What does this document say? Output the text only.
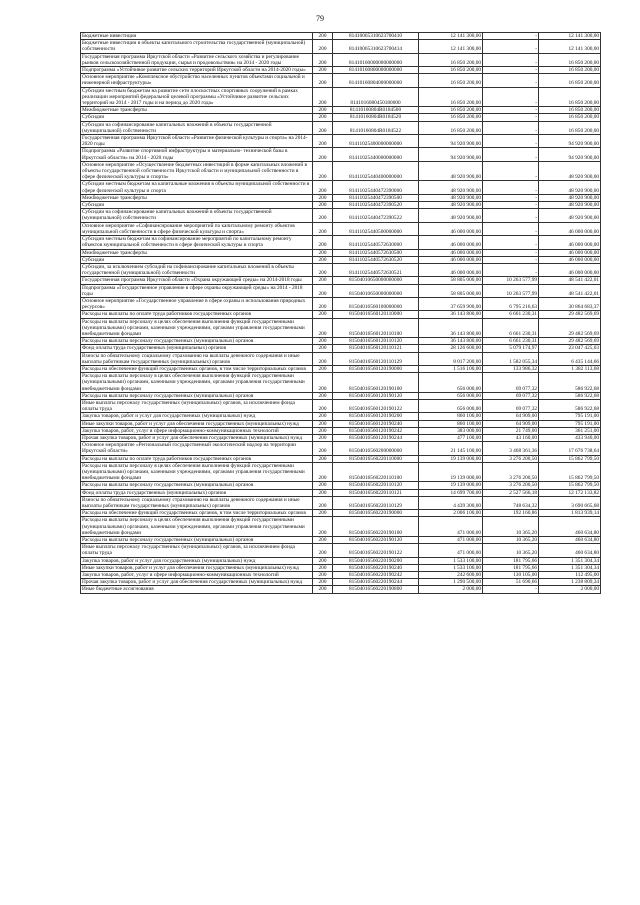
79
Бюджетные инвестиции	200	81410065310623700410	12 141 300,00	-	12 141 300,00
Бюджетные инвестиции в объекты капитального строительства государственной (муниципальной) собственности	200	81410065310623700414	12 141 300,00	-	12 141 300,00
Государственная программа Иркутской области «Развитие сельского хозяйства и регулирование рынков сельскохозяйственной продукции, сырья и продовольствия» на 2014 - 2020 годы	200	81410160000000000000	16 850 200,00	-	16 850 200,00
Подпрограмма «Устойчивое развитие сельских территорий Иркутской области на 2014-2020 годы»	200	81410160800000000000	16 850 200,00	-	16 850 200,00
Основное мероприятие «Комплексное обустройство населенных пунктов объектами социальной и инженерной инфраструктуры»	200	81410160804000000000	16 850 200,00	-	16 850 200,00
Субсидии местным бюджетам на развитие сети плоскостных спортивных сооружений в рамках реализации мероприятий федеральной целевой программы «Устойчивое развитие сельских территорий на 2014 - 2017 годы и на период до 2020 года»	200	8141016080450180000	16 850 200,00	-	16 850 200,00
Межбюджетные трансферты	200	81410160804R0184500	16 850 200,00	-	16 850 200,00
Субсидии	200	81410160804R0184520	16 850 200,00	-	16 850 200,00
Субсидии на софинансирование капитальных вложений в объекты государственной (муниципальной) собственности	200	81410160804R0184522	16 850 200,00	-	16 850 200,00
Государственная программа Иркутской области «Развитие физической культуры и спорта» на 2014-2020 годы	200	81411025400000000000	94 920 900,00	-	94 920 900,00
Подпрограмма «Развитие спортивной инфраструктуры и материально- технической базы в Иркутской области» на 2014 - 2020 годы	200	81411025440000000000	94 920 900,00	-	94 920 900,00
Основное мероприятие «Осуществление бюджетных инвестиций в форме капитальных вложений в объекты государственной собственности Иркутской области и муниципальной собственности в сфере физической культуры и спорта»	200	81411025440400000000	48 920 900,00	-	48 920 900,00
Субсидии местным бюджетам на капитальные вложения в объекты муниципальной собственности в сфере физической культуры и спорта	200	81411025440472390000	48 920 900,00	-	48 920 900,00
Межбюджетные трансферты	200	81411025440472390500	48 920 900,00	-	48 920 900,00
Субсидии	200	81411025440472390520	48 920 900,00	-	48 920 900,00
Субсидии на софинансирование капитальных вложений в объекты государственной (муниципальной) собственности	200	81411025440472390522	48 920 900,00	-	48 920 900,00
Основное мероприятие «Софинансирование мероприятий по капитальному ремонту объектов муниципальной собственности в сфере физической культуры и спорта»	200	81411025440500000000	46 000 000,00	-	46 000 000,00
Субсидии местным бюджетам на софинансирование мероприятий по капитальному ремонту объектов муниципальной собственности в сфере физической культуры и спорта	200	81411025440572630000	46 000 000,00	-	46 000 000,00
Межбюджетные трансферты	200	81411025440572630500	46 000 000,00	-	46 000 000,00
Субсидии	200	81411025440572630520	46 000 000,00	-	46 000 000,00
Субсидии, за исключением субсидий на софинансирование капитальных вложений в объекты государственной (муниципальной) собственности	200	81411025440572630521	46 000 000,00	-	46 000 000,00
Государственная программа Иркутской области «Охрана окружающей среды» на 2014-2018 годы	200	81504010650000000000	58 805 000,00	10 263 577,99	48 541 422,01
Подпрограмма «Государственное управление в сфере охраны окружающей среды» на 2014 - 2018 годы	200	81504010650000000000	58 805 000,00	10 263 577,99	48 541 422,01
Основное мероприятие «Государственное управление в сфере охраны и использования природных ресурсов»	200	81504016560100000000	37 659 900,00	6 795 216,63	30 864 683,37
Расходы на выплаты по оплате труда работников государственных органов	200	81504016560120110000	36 143 800,00	6 661 230,31	29 482 569,69
Расходы на выплаты персоналу в целях обеспечения выполнения функций государственными (муниципальными) органами, казенными учреждениями, органами управления государственными внебюджетными фондами	200	81504016560120110100	36 143 800,00	6 661 230,31	29 482 569,69
Расходы на выплаты персоналу государственных (муниципальных) органов	200	81504016560120110120	36 143 800,00	6 661 230,31	29 482 569,69
Фонд оплаты труда государственных (муниципальных) органов	200	81504016560120110121	28 126 600,00	5 079 174,97	23 047 425,03
Взносы по обязательному социальному страхованию на выплаты денежного содержания и иные выплаты работникам государственных (муниципальных) органов	200	81504016560120110129	8 017 200,00	1 582 055,34	6 435 144,66
Расходы на обеспечение функций государственных органов, в том числе территориальных органов	200	81504016560120190000	1 516 100,00	133 986,32	1 382 113,68
Расходы на выплаты персоналу в целях обеспечения выполнения функций государственными (муниципальными) органами, казенными учреждениями, органами управления государственными внебюджетными фондами	200	81504016560120190100	656 000,00	69 077,32	586 922,68
Расходы на выплаты персоналу государственных (муниципальных) органов	200	81504016560120190120	656 000,00	69 077,32	586 922,68
Иные выплаты персоналу государственных (муниципальных) органов, за исключением фонда оплаты труда	200	81504016560120190122	656 000,00	69 077,32	586 922,68
Закупка товаров, работ и услуг для государственных (муниципальных) нужд	200	81504016560120190200	860 100,00	64 909,00	795 191,00
Иные закупки товаров, работ и услуг для обеспечения государственных (муниципальных) нужд	200	81504016560120190240	860 100,00	64 909,00	795 191,00
Закупка товаров, работ, услуг в сфере информационно-коммуникационных технологий	200	81504016560120190242	383 000,00	21 749,00	361 251,00
Прочая закупка товаров, работ и услуг для обеспечения государственных (муниципальных) нужд	200	81504016560120190244	477 100,00	43 160,00	433 940,00
Основное мероприятие «Региональный государственный экологический надзор на территории Иркутской области»	200	81504016560200000000	21 145 100,00	3 468 361,36	17 676 738,64
Расходы на выплаты по оплате труда работников государственных органов	200	81504016560220110000	19 139 000,00	3 276 200,50	15 862 799,50
Расходы на выплаты персоналу в целях обеспечения выполнения функций государственными (муниципальными) органами, казенными учреждениями, органами управления государственными внебюджетными фондами	200	81504016560220110100	19 139 000,00	3 276 200,50	15 862 799,50
Расходы на выплаты персоналу государственных (муниципальных) органов	200	81504016560220110120	19 139 000,00	3 276 200,50	15 862 799,50
Фонд оплаты труда государственных (муниципальных) органов	200	81504016560220110121	14 699 700,00	2 527 566,18	12 172 133,82
Взносы по обязательному социальному страхованию на выплаты денежного содержания и иные выплаты работникам государственных (муниципальных) органов	200	81504016560220110129	4 439 300,00	748 634,32	3 690 665,68
Расходы на обеспечение функций государственных органов, в том числе территориальных органов	200	81504016560220190000	2 006 100,00	192 160,86	1 813 939,14
Расходы на выплаты персоналу в целях обеспечения выполнения функций государственными (муниципальными) органами, казенными учреждениями, органами управления государственными внебюджетными фондами	200	81504016560220190100	471 000,00	10 365,20	460 634,80
Расходы на выплаты персоналу государственных (муниципальных) органов	200	81504016560220190120	471 000,00	10 365,20	460 634,80
Иные выплаты персоналу государственных (муниципальных) органов, за исключением фонда оплаты труда	200	81504016560220190122	471 000,00	10 365,20	460 634,80
Закупка товаров, работ и услуг для государственных (муниципальных) нужд	200	81504016560220190200	1 533 100,00	181 795,66	1 351 304,34
Иные закупки товаров, работ и услуг для обеспечения государственных (муниципальных) нужд	200	81504016560220190240	1 533 100,00	181 795,66	1 351 304,34
Закупка товаров, работ, услуг в сфере информационно-коммуникационных технологий	200	81504016560220190242	242 600,00	130 105,00	112 495,00
Прочая закупка товаров, работ и услуг для обеспечения государственных (муниципальных) нужд	200	81504016560220190244	1 290 500,00	51 690,66	1 238 809,34
Иные бюджетные ассигнования	200	81504016560220190800	2 000,00	-	2 000,00
